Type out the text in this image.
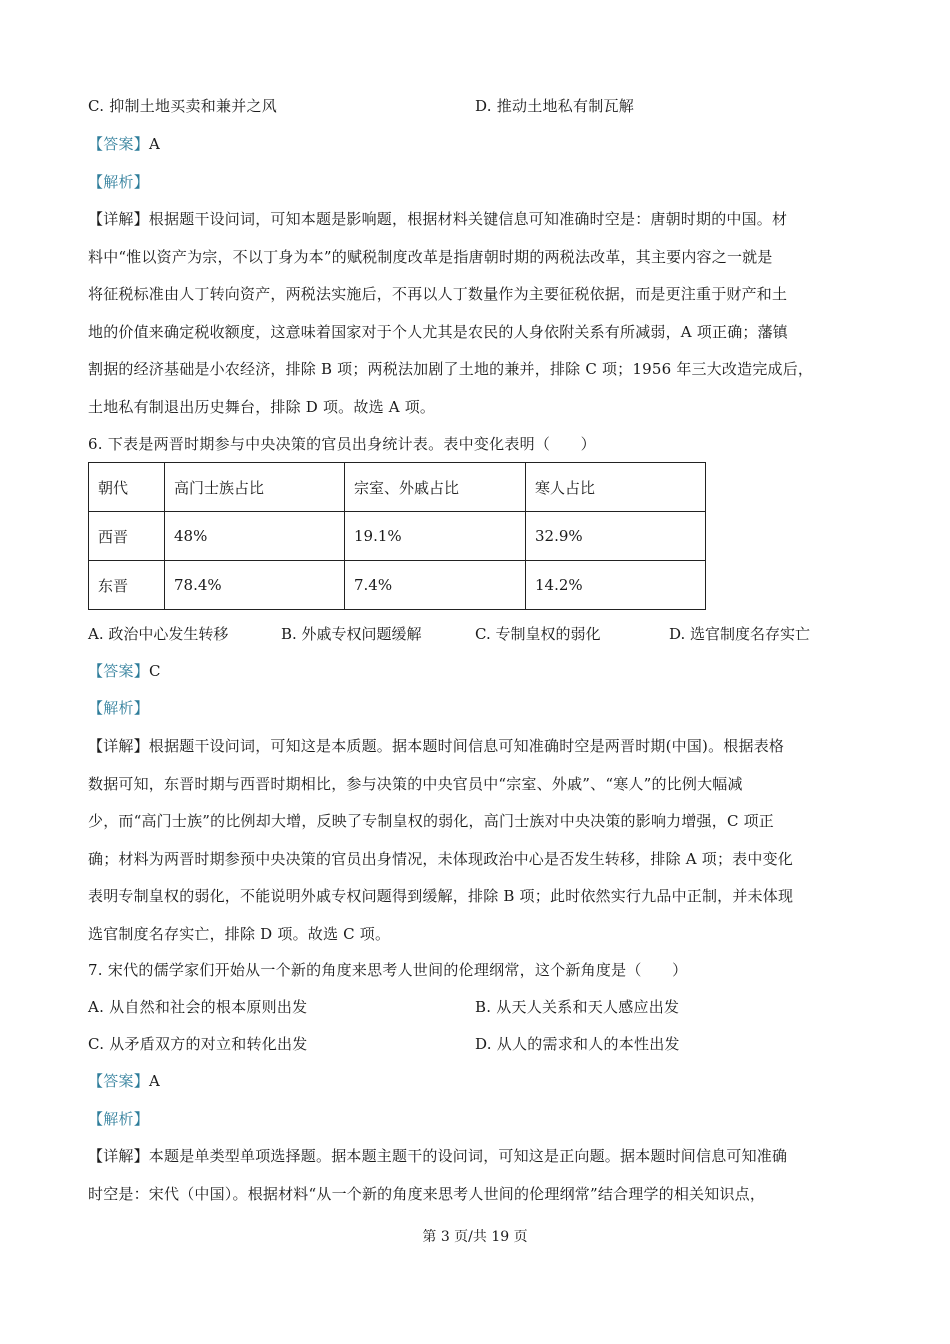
C. 抑制土地买卖和兼并之风	D. 推动土地私有制瓦解
【答案】A
【解析】
【详解】根据题干设问词，可知本题是影响题，根据材料关键信息可知准确时空是：唐朝时期的中国。材
料中“惟以资产为宗，不以丁身为本”的赋税制度改革是指唐朝时期的两税法改革，其主要内容之一就是
将征税标准由人丁转向资产，两税法实施后，不再以人丁数量作为主要征税依据，而是更注重于财产和土
地的价值来确定税收额度，这意味着国家对于个人尤其是农民的人身依附关系有所减弱，A 项正确；藩镇
割据的经济基础是小农经济，排除 B 项；两税法加剧了土地的兼并，排除 C 项；1956 年三大改造完成后，
土地私有制退出历史舞台，排除 D 项。故选 A 项。
6. 下表是两晋时期参与中央决策的官员出身统计表。表中变化表明（　　）
朝代	高门士族占比	宗室、外戚占比	寒人占比
西晋	48%	19.1%	32.9%
东晋	78.4%	7.4%	14.2%
A. 政治中心发生转移	B. 外戚专权问题缓解	C. 专制皇权的弱化	D. 选官制度名存实亡
【答案】C
【解析】
【详解】根据题干设问词，可知这是本质题。据本题时间信息可知准确时空是两晋时期(中国)。根据表格
数据可知，东晋时期与西晋时期相比，参与决策的中央官员中“宗室、外戚”、“寒人”的比例大幅减
少，而“高门士族”的比例却大增，反映了专制皇权的弱化，高门士族对中央决策的影响力增强，C 项正
确；材料为两晋时期参预中央决策的官员出身情况，未体现政治中心是否发生转移，排除 A 项；表中变化
表明专制皇权的弱化，不能说明外戚专权问题得到缓解，排除 B 项；此时依然实行九品中正制，并未体现
选官制度名存实亡，排除 D 项。故选 C 项。
7. 宋代的儒学家们开始从一个新的角度来思考人世间的伦理纲常，这个新角度是（　　）
A. 从自然和社会的根本原则出发	B. 从天人关系和天人感应出发
C. 从矛盾双方的对立和转化出发	D. 从人的需求和人的本性出发
【答案】A
【解析】
【详解】本题是单类型单项选择题。据本题主题干的设问词，可知这是正向题。据本题时间信息可知准确
时空是：宋代（中国）。根据材料“从一个新的角度来思考人世间的伦理纲常”结合理学的相关知识点，
第 3 页/共 19 页
